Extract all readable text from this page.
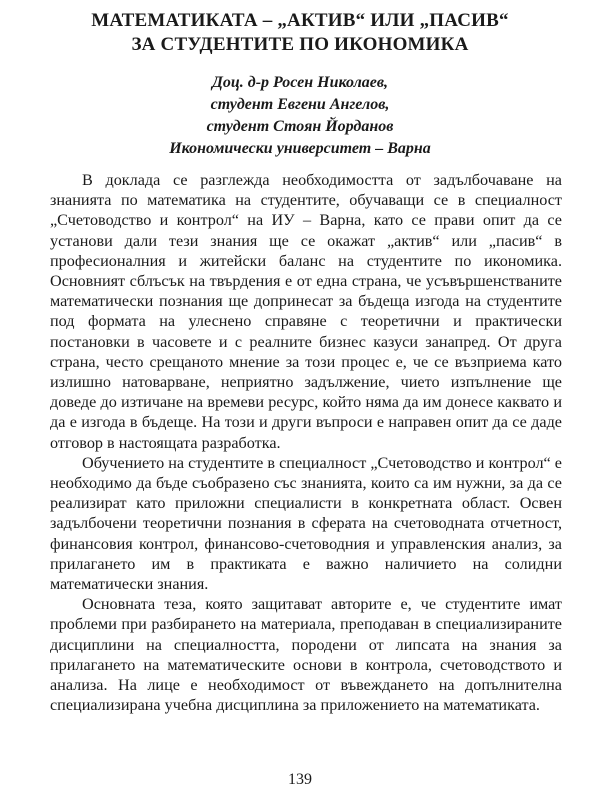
МАТЕМАТИКАТА – „АКТИВ“ ИЛИ „ПАСИВ“
ЗА СТУДЕНТИТЕ ПО ИКОНОМИКА
Доц. д-р Росен Николаев,
студент Евгени Ангелов,
студент Стоян Йорданов
Икономически университет – Варна

В доклада се разглежда необходимостта от задълбочаване на знанията по математика на студентите, обучаващи се в специалност „Счетоводство и контрол“ на ИУ – Варна, като се прави опит да се установи дали тези знания ще се окажат „актив“ или „пасив“ в професионалния и житейски баланс на студентите по икономика. Основният сблъсък на твърдения е от една страна, че усъвършенстваните математически познания ще допринесат за бъдеща изгода на студентите под формата на улеснено справяне с теоретични и практически постановки в часовете и с реалните бизнес казуси занапред. От друга страна, често срещаното мнение за този процес е, че се възприема като излишно натоварване, неприятно задължение, чието изпълнение ще доведе до изтичане на времеви ресурс, който няма да им донесе каквато и да е изгода в бъдеще. На този и други въпроси е направен опит да се даде отговор в настоящата разработка.

Обучението на студентите в специалност „Счетоводство и контрол“ е необходимо да бъде съобразено със знанията, които са им нужни, за да се реализират като приложни специалисти в конкретната област. Освен задълбочени теоретични познания в сферата на счетоводната отчетност, финансовия контрол, финансово-счетоводния и управленския анализ, за прилагането им в практиката е важно наличието на солидни математически знания.

Основната теза, която защитават авторите е, че студентите имат проблеми при разбирането на материала, преподаван в специализираните дисциплини на специалността, породени от липсата на знания за прилагането на математическите основи в контрола, счетоводството и анализа. На лице е необходимост от въвеждането на допълнителна специализирана учебна дисциплина за приложението на математиката.

139
